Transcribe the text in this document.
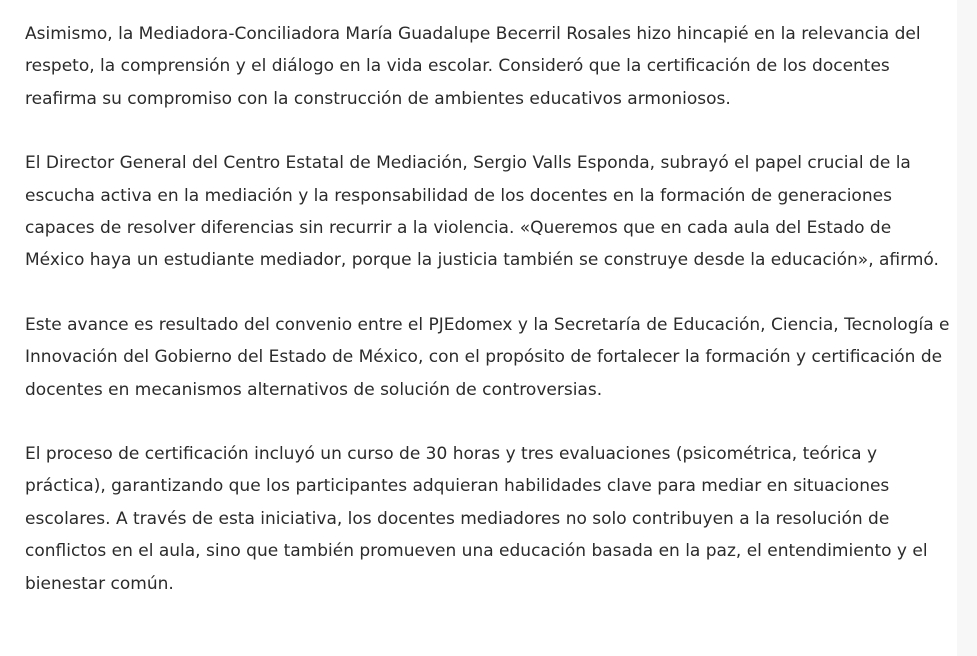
Asimismo, la Mediadora-Conciliadora María Guadalupe Becerril Rosales hizo hincapié en la relevancia del respeto, la comprensión y el diálogo en la vida escolar. Consideró que la certificación de los docentes reafirma su compromiso con la construcción de ambientes educativos armoniosos.

El Director General del Centro Estatal de Mediación, Sergio Valls Esponda, subrayó el papel crucial de la escucha activa en la mediación y la responsabilidad de los docentes en la formación de generaciones capaces de resolver diferencias sin recurrir a la violencia. «Queremos que en cada aula del Estado de México haya un estudiante mediador, porque la justicia también se construye desde la educación», afirmó.

Este avance es resultado del convenio entre el PJEdomex y la Secretaría de Educación, Ciencia, Tecnología e Innovación del Gobierno del Estado de México, con el propósito de fortalecer la formación y certificación de docentes en mecanismos alternativos de solución de controversias.

El proceso de certificación incluyó un curso de 30 horas y tres evaluaciones (psicométrica, teórica y práctica), garantizando que los participantes adquieran habilidades clave para mediar en situaciones escolares. A través de esta iniciativa, los docentes mediadores no solo contribuyen a la resolución de conflictos en el aula, sino que también promueven una educación basada en la paz, el entendimiento y el bienestar común.
